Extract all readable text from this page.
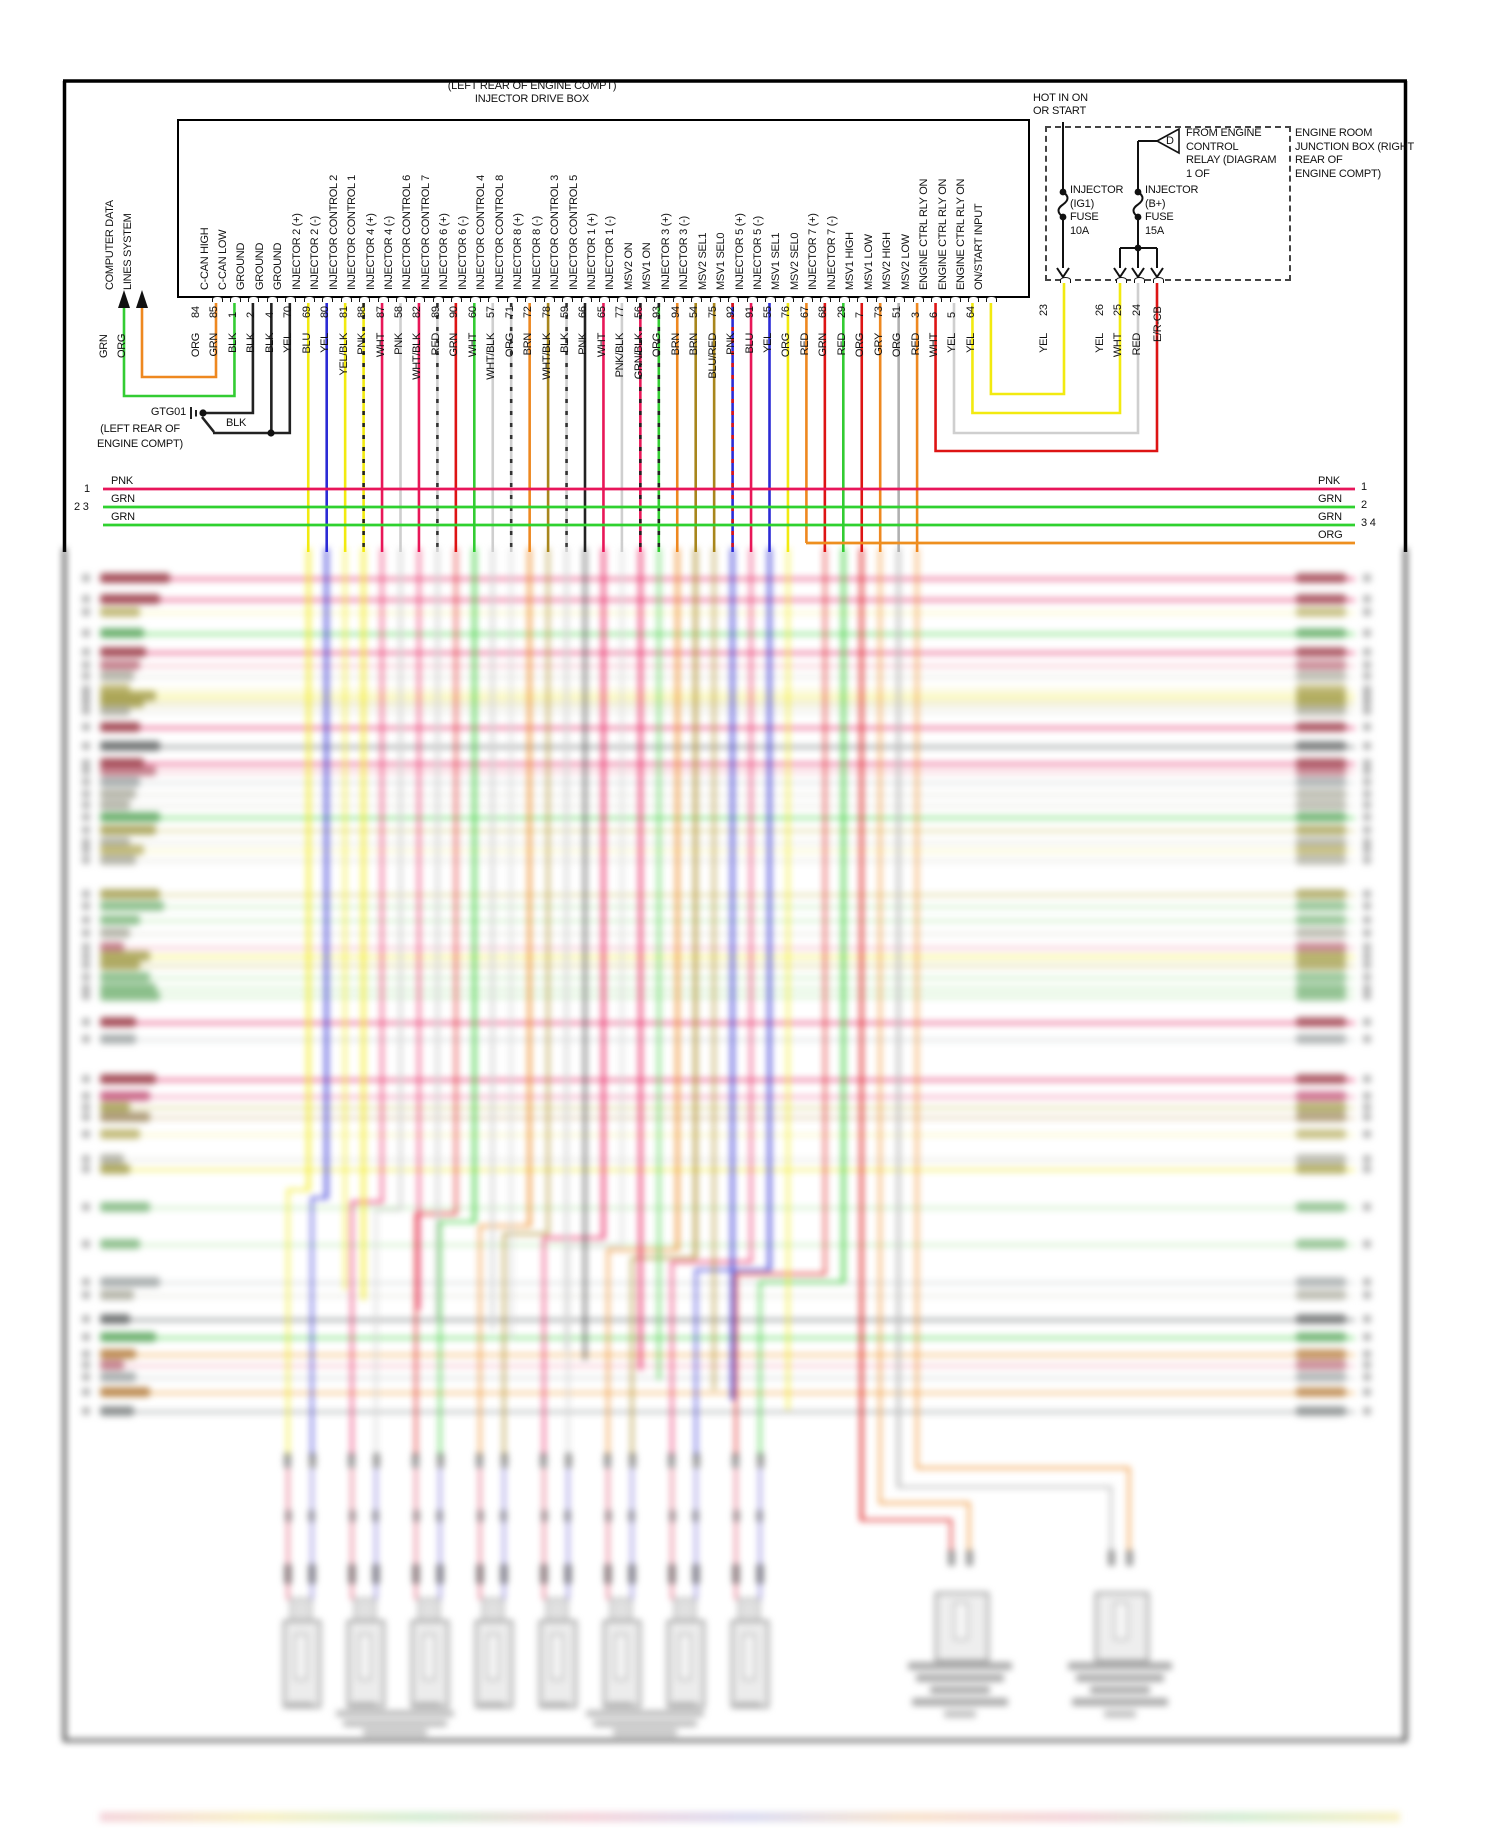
(LEFT REAR OF ENGINE COMPT)
INJECTOR DRIVE BOX
COMPUTER DATA LINES SYSTEM
GRN ORG
GTG01
(LEFT REAR OF
ENGINE COMPT)
BLK
HOT IN ON
OR START
D
INJECTOR
(IG1)
FUSE
10A
INJECTOR
(B+)
FUSE
15A
FROM ENGINE
CONTROL
RELAY (DIAGRAM
1 OF
ENGINE ROOM
JUNCTION BOX (RIGHT
REAR OF
ENGINE COMPT)
E/R-CB
C-CAN HIGH
84
ORG
C-CAN LOW
85
GRN
GROUND
1
BLK
GROUND
2
BLK
GROUND
4
BLK
INJECTOR 2 (+)
70
YEL
INJECTOR 2 (-)
69
BLU
INJECTOR CONTROL 2
80
YEL
INJECTOR CONTROL 1
81
YEL/BLK
INJECTOR 4 (+)
88
PNK
INJECTOR 4 (-)
87
WHT
INJECTOR CONTROL 6
58
PNK
INJECTOR CONTROL 7
82
WHT/BLK
INJECTOR 6 (+)
89
RED
INJECTOR 6 (-)
90
GRN
INJECTOR CONTROL 4
60
WHT
INJECTOR CONTROL 8
57
WHT/BLK
INJECTOR 8 (+)
71
ORG
INJECTOR 8 (-)
72
BRN
INJECTOR CONTROL 3
78
WHT/BLK
INJECTOR CONTROL 5
59
BLK
INJECTOR 1 (+)
66
PNK
INJECTOR 1 (-)
65
WHT
MSV2 ON
77
PNK/BLK
MSV1 ON
56
GRN/BLK
INJECTOR 3 (+)
93
ORG
INJECTOR 3 (-)
94
BRN
MSV2 SEL1
54
BRN
MSV1 SEL0
75
BLU/RED
INJECTOR 5 (+)
92
PNK
INJECTOR 5 (-)
91
BLU
MSV1 SEL1
55
YEL
MSV2 SEL0
76
ORG
INJECTOR 7 (+)
67
RED
INJECTOR 7 (-)
68
GRN
MSV1 HIGH
29
RED
MSV1 LOW
7
ORG
MSV2 HIGH
73
GRY
MSV2 LOW
51
ORG
ENGINE CTRL RLY ON
3
RED
ENGINE CTRL RLY ON
6
WHT
ENGINE CTRL RLY ON
5
YEL
ON/START INPUT
64
YEL
23
YEL
26
YEL
25
WHT
24
RED
PNK
1
PNK 1
GRN
2 3
GRN 2
GRN	GRN 3 4
ORG
